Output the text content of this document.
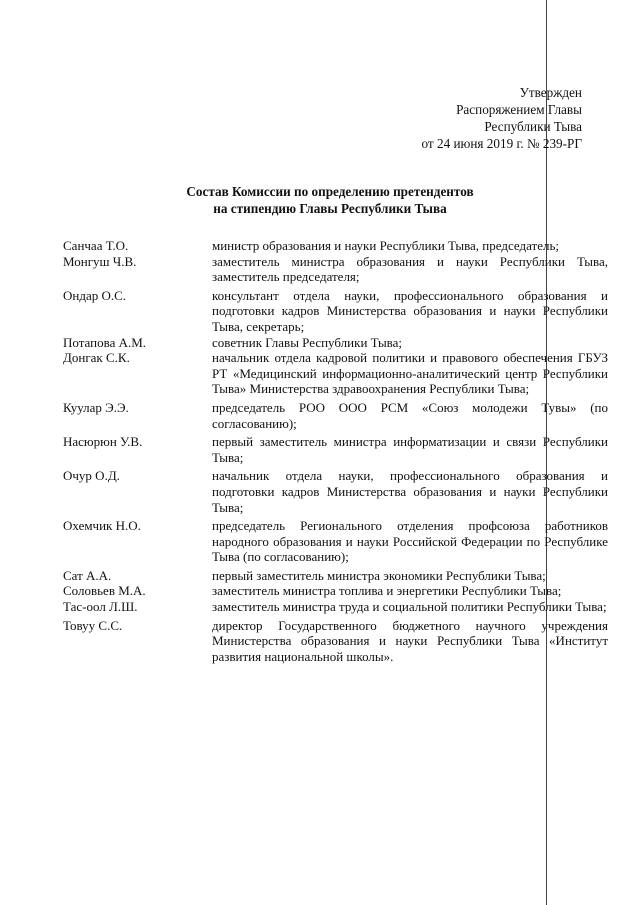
Утвержден
Распоряжением Главы
Республики Тыва
от 24 июня 2019 г. № 239-РГ
Состав Комиссии по определению претендентов
на стипендию Главы Республики Тыва
Санчаа Т.О.	министр образования и науки Республики Тыва, председатель;
Монгуш Ч.В.	заместитель министра образования и науки Республики Тыва, заместитель председателя;
Ондар О.С.	консультант отдела науки, профессионального образования и подготовки кадров Министерства образования и науки Республики Тыва, секретарь;
Потапова А.М.	советник Главы Республики Тыва;
Донгак С.К.	начальник отдела кадровой политики и правового обеспечения ГБУЗ РТ «Медицинский информационно-аналитический центр Республики Тыва» Министерства здравоохранения Республики Тыва;
Куулар Э.Э.	председатель РОО ООО РСМ «Союз молодежи Тувы» (по согласованию);
Насюрюн У.В.	первый заместитель министра информатизации и связи Республики Тыва;
Очур О.Д.	начальник отдела науки, профессионального образования и подготовки кадров Министерства образования и науки Республики Тыва;
Охемчик Н.О.	председатель Регионального отделения профсоюза работников народного образования и науки Российской Федерации по Республике Тыва (по согласованию);
Сат А.А.	первый заместитель министра экономики Республики Тыва;
Соловьев М.А.	заместитель министра топлива и энергетики Республики Тыва;
Тас-оол Л.Ш.	заместитель министра труда и социальной политики Республики Тыва;
Товуу С.С.	директор Государственного бюджетного научного учреждения Министерства образования и науки Республики Тыва «Институт развития национальной школы».
